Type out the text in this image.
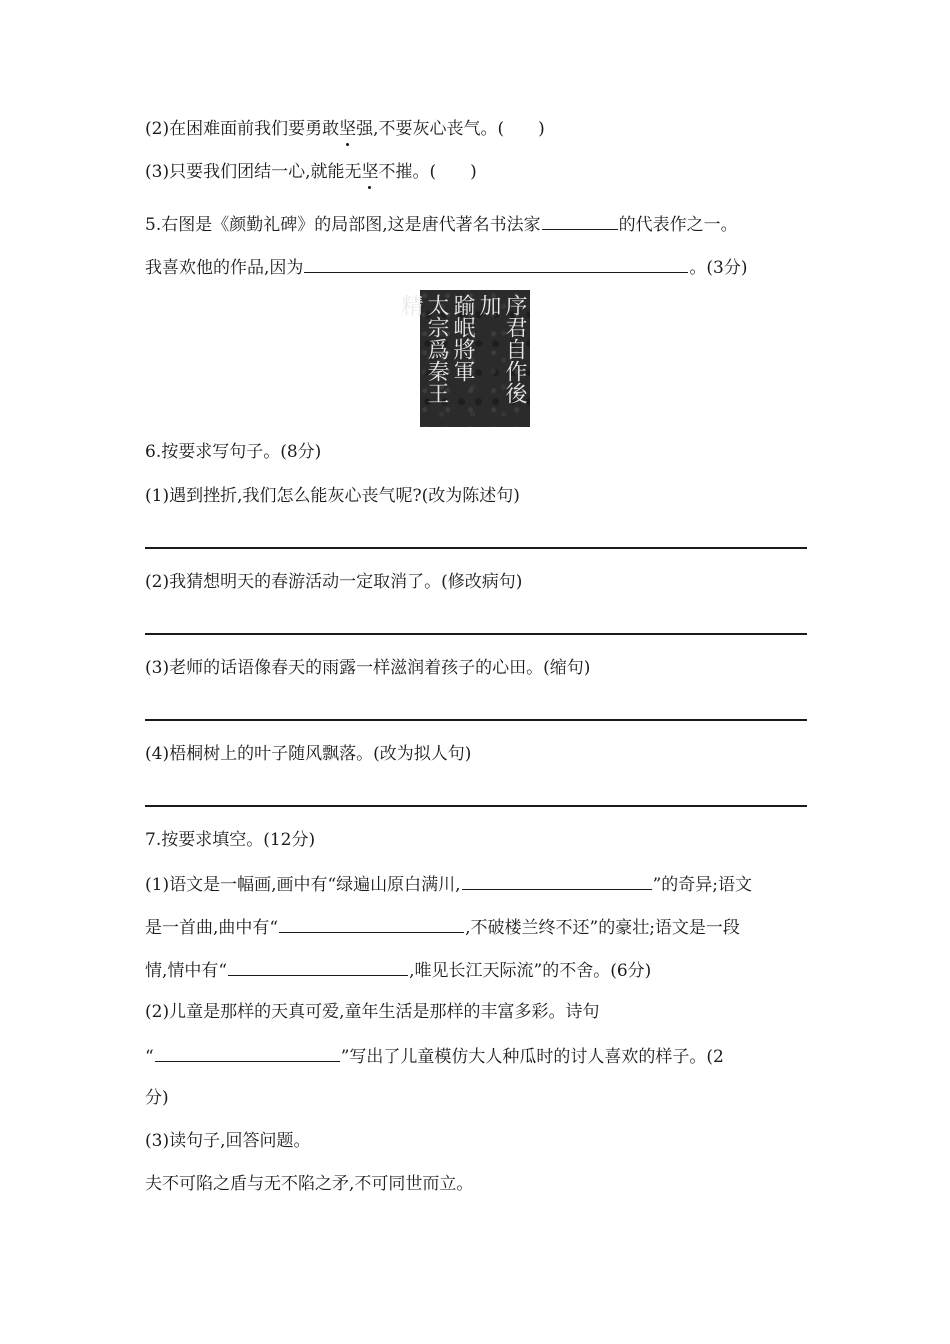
(2)在困难面前我们要勇敢坚强,不要灰心丧气。(　　)
(3)只要我们团结一心,就能无坚不摧。(　　)
5.右图是《颜勤礼碑》的局部图,这是唐代著名书法家	的代表作之一。
我喜欢他的作品,因为	。(3分)
序君自作後加
踰岷將軍
太宗爲秦王精
6.按要求写句子。(8分)
(1)遇到挫折,我们怎么能灰心丧气呢?(改为陈述句)
(2)我猜想明天的春游活动一定取消了。(修改病句)
(3)老师的话语像春天的雨露一样滋润着孩子的心田。(缩句)
(4)梧桐树上的叶子随风飘落。(改为拟人句)
7.按要求填空。(12分)
(1)语文是一幅画,画中有“绿遍山原白满川,	”的奇异;语文
是一首曲,曲中有“	,不破楼兰终不还”的豪壮;语文是一段
情,情中有“	,唯见长江天际流”的不舍。(6分)
(2)儿童是那样的天真可爱,童年生活是那样的丰富多彩。诗句
“	”写出了儿童模仿大人种瓜时的讨人喜欢的样子。(2
分)
(3)读句子,回答问题。
夫不可陷之盾与无不陷之矛,不可同世而立。
